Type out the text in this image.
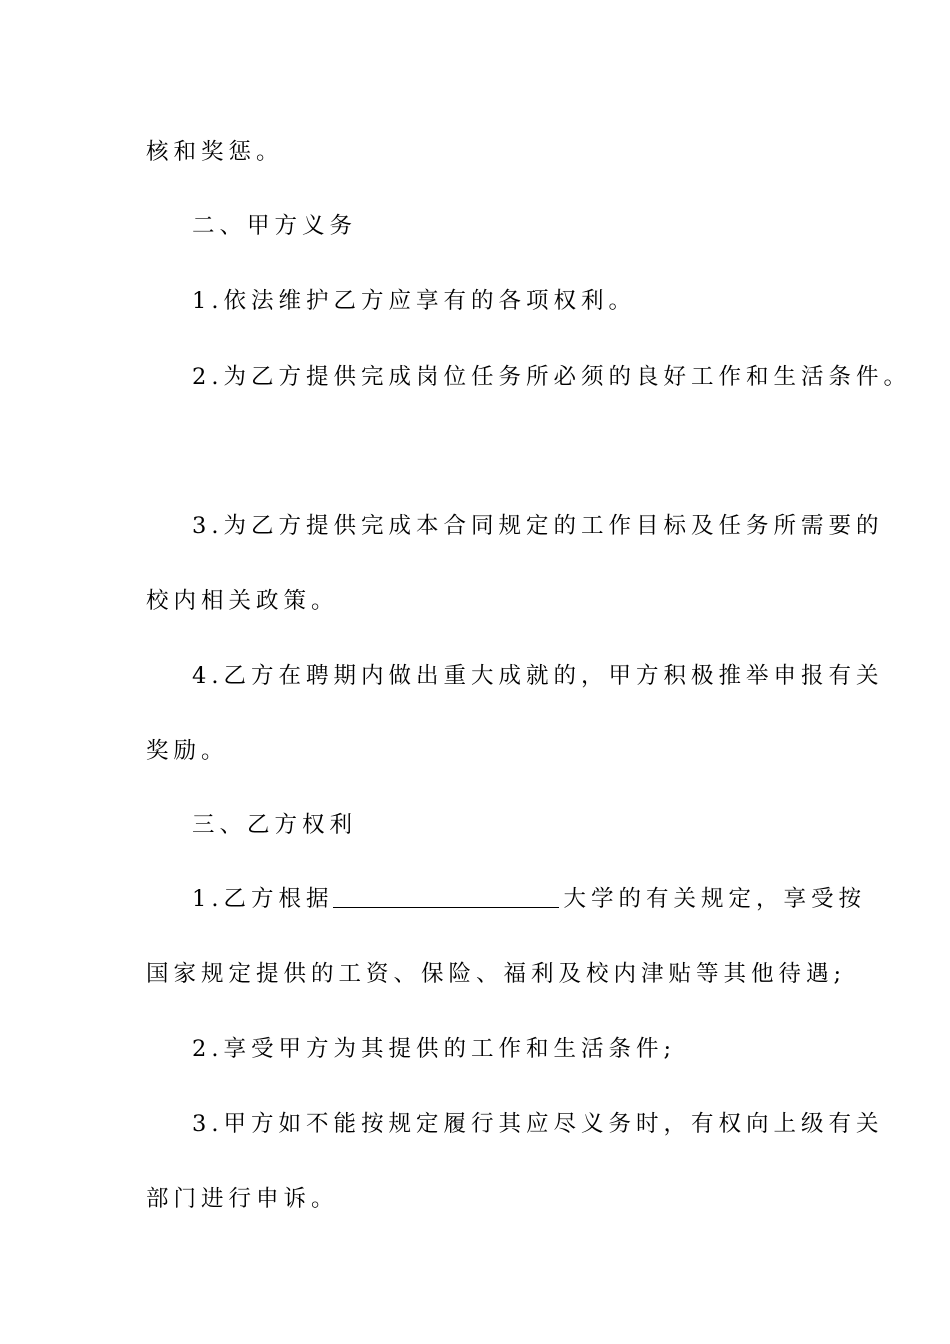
核和奖惩。

二、甲方义务

1.依法维护乙方应享有的各项权利。

2.为乙方提供完成岗位任务所必须的良好工作和生活条件。

3.为乙方提供完成本合同规定的工作目标及任务所需要的

校内相关政策。

4.乙方在聘期内做出重大成就的，甲方积极推举申报有关

奖励。

三、乙方权利

1.乙方根据	大学的有关规定，享受按

国家规定提供的工资、保险、福利及校内津贴等其他待遇;

2.享受甲方为其提供的工作和生活条件;

3.甲方如不能按规定履行其应尽义务时，有权向上级有关

部门进行申诉。
